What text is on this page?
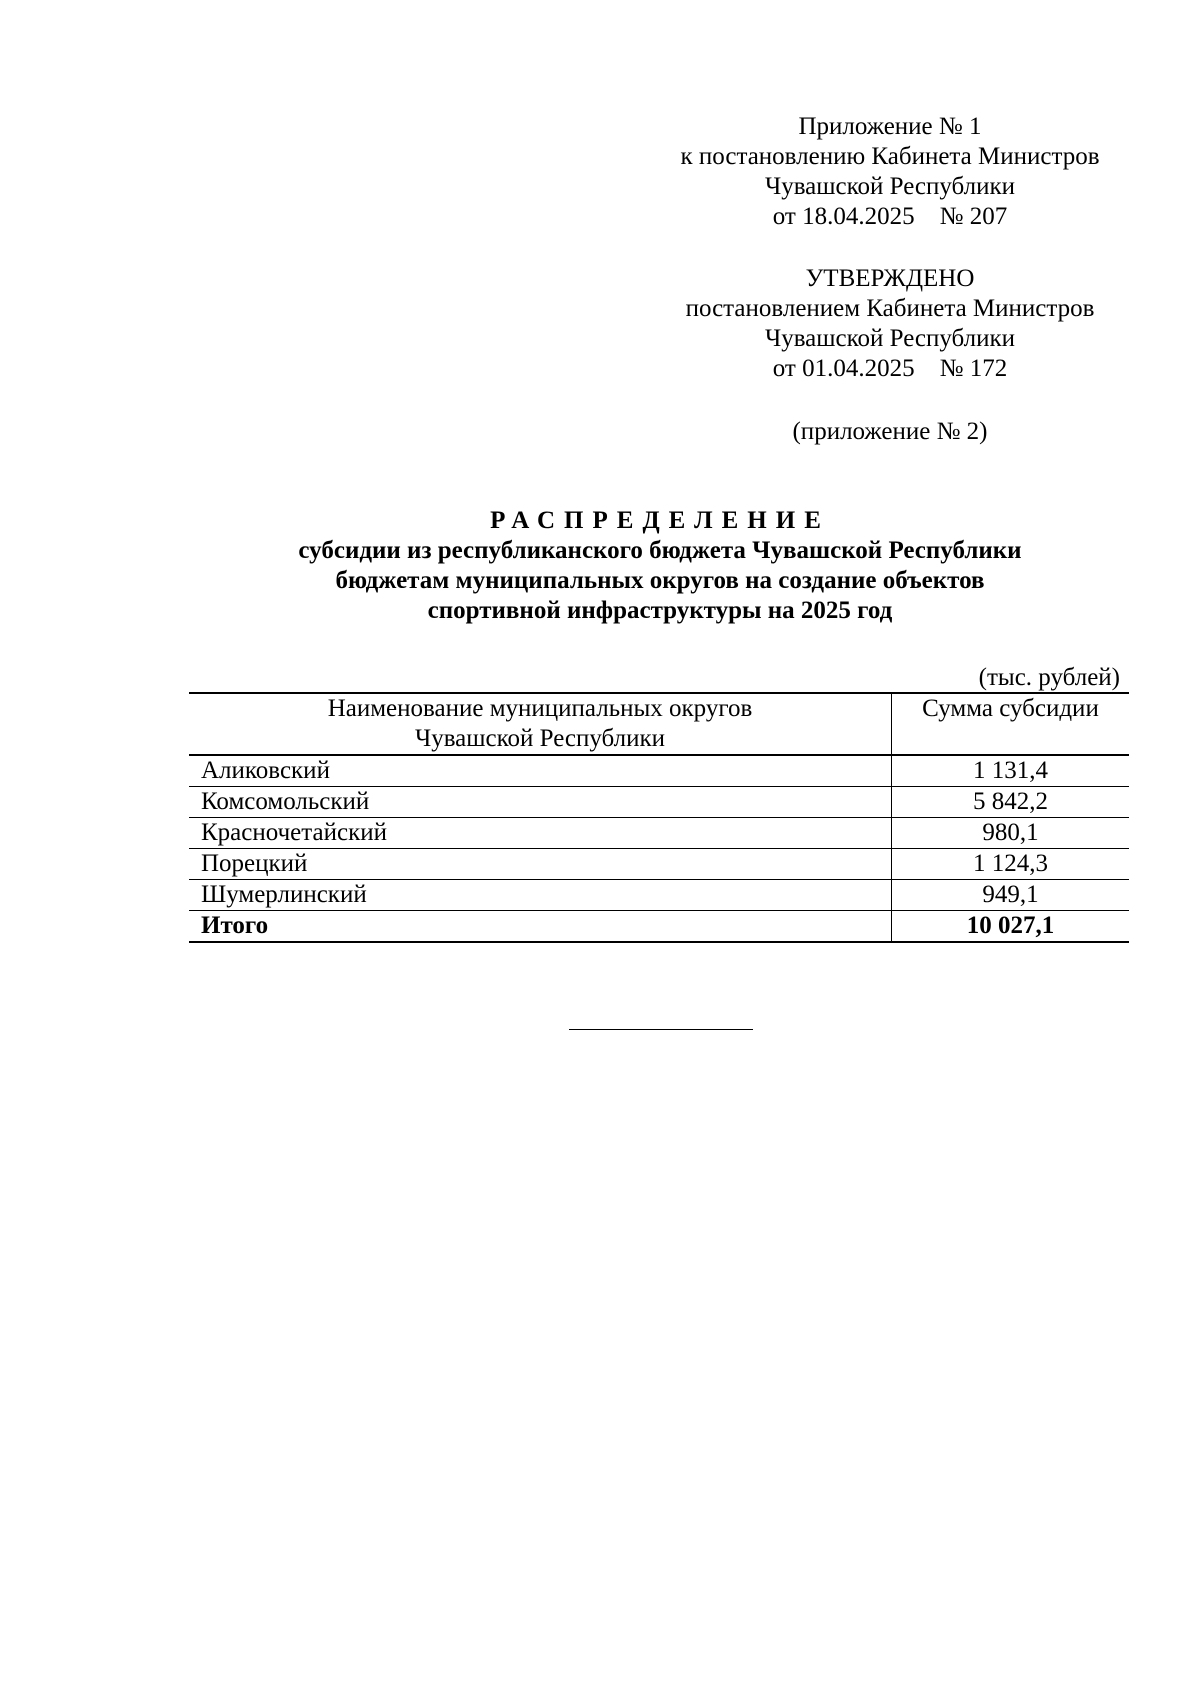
Приложение № 1
к постановлению Кабинета Министров
Чувашской Республики
от 18.04.2025    № 207
УТВЕРЖДЕНО
постановлением Кабинета Министров
Чувашской Республики
от 01.04.2025    № 172
(приложение № 2)
РАСПРЕДЕЛЕНИЕ
субсидии из республиканского бюджета Чувашской Республики
бюджетам муниципальных округов на создание объектов
спортивной инфраструктуры на 2025 год
(тыс. рублей)
Наименование муниципальных округов
Чувашской Республики	Сумма субсидии
Аликовский	1 131,4
Комсомольский	5 842,2
Красночетайский	980,1
Порецкий	1 124,3
Шумерлинский	949,1
Итого	10 027,1
